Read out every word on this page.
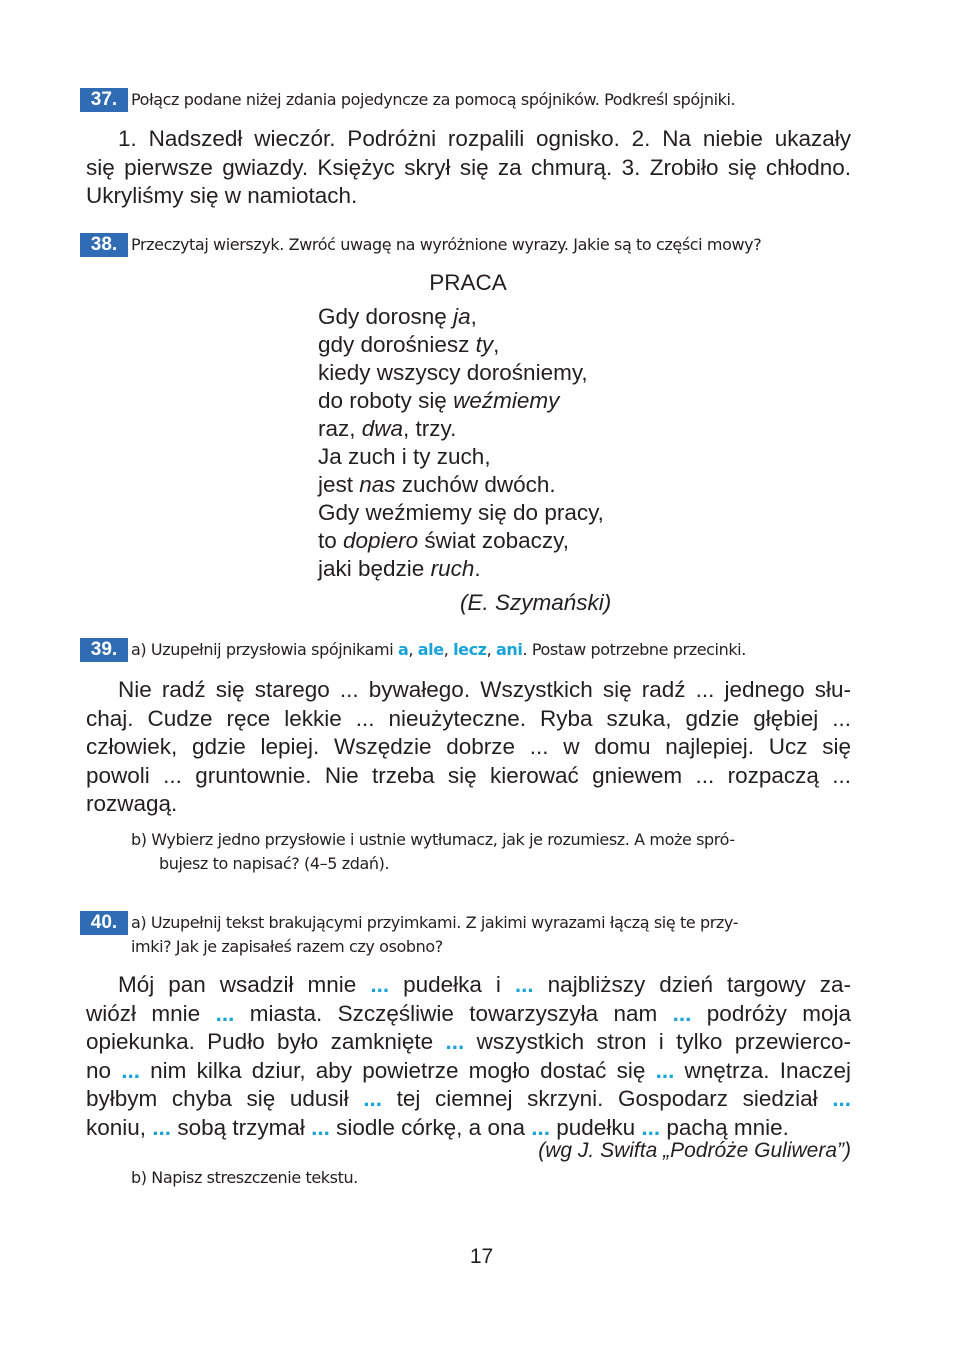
37. Połącz podane niżej zdania pojedyncze za pomocą spójników. Podkreśl spójniki.
1. Nadszedł wieczór. Podróżni rozpalili ognisko. 2. Na niebie ukazały
się pierwsze gwiazdy. Księżyc skrył się za chmurą. 3. Zrobiło się chłodno.
Ukryliśmy się w namiotach.
38. Przeczytaj wierszyk. Zwróć uwagę na wyróżnione wyrazy. Jakie są to części mowy?
PRACA
Gdy dorosnę ja,
gdy dorośniesz ty,
kiedy wszyscy dorośniemy,
do roboty się weźmiemy
raz, dwa, trzy.
Ja zuch i ty zuch,
jest nas zuchów dwóch.
Gdy weźmiemy się do pracy,
to dopiero świat zobaczy,
jaki będzie ruch.
(E. Szymański)
39. a) Uzupełnij przysłowia spójnikami a, ale, lecz, ani. Postaw potrzebne przecinki.
Nie radź się starego ... bywałego. Wszystkich się radź ... jednego słu-
chaj. Cudze ręce lekkie ... nieużyteczne. Ryba szuka, gdzie głębiej ...
człowiek, gdzie lepiej. Wszędzie dobrze ... w domu najlepiej. Ucz się
powoli ... gruntownie. Nie trzeba się kierować gniewem ... rozpaczą ...
rozwagą.
b) Wybierz jedno przysłowie i ustnie wytłumacz, jak je rozumiesz. A może spró-
bujesz to napisać? (4–5 zdań).
40. a) Uzupełnij tekst brakującymi przyimkami. Z jakimi wyrazami łączą się te przy-
imki? Jak je zapisałeś razem czy osobno?
Mój pan wsadził mnie ... pudełka i ... najbliższy dzień targowy za-
wiózł mnie ... miasta. Szczęśliwie towarzyszyła nam ... podróży moja
opiekunka. Pudło było zamknięte ... wszystkich stron i tylko przewierco-
no ... nim kilka dziur, aby powietrze mogło dostać się ... wnętrza. Inaczej
byłbym chyba się udusił ... tej ciemnej skrzyni. Gospodarz siedział ...
koniu, ... sobą trzymał ... siodle córkę, a ona ... pudełku ... pachą mnie.
(wg J. Swifta „Podróże Guliwera”)
b) Napisz streszczenie tekstu.
17
